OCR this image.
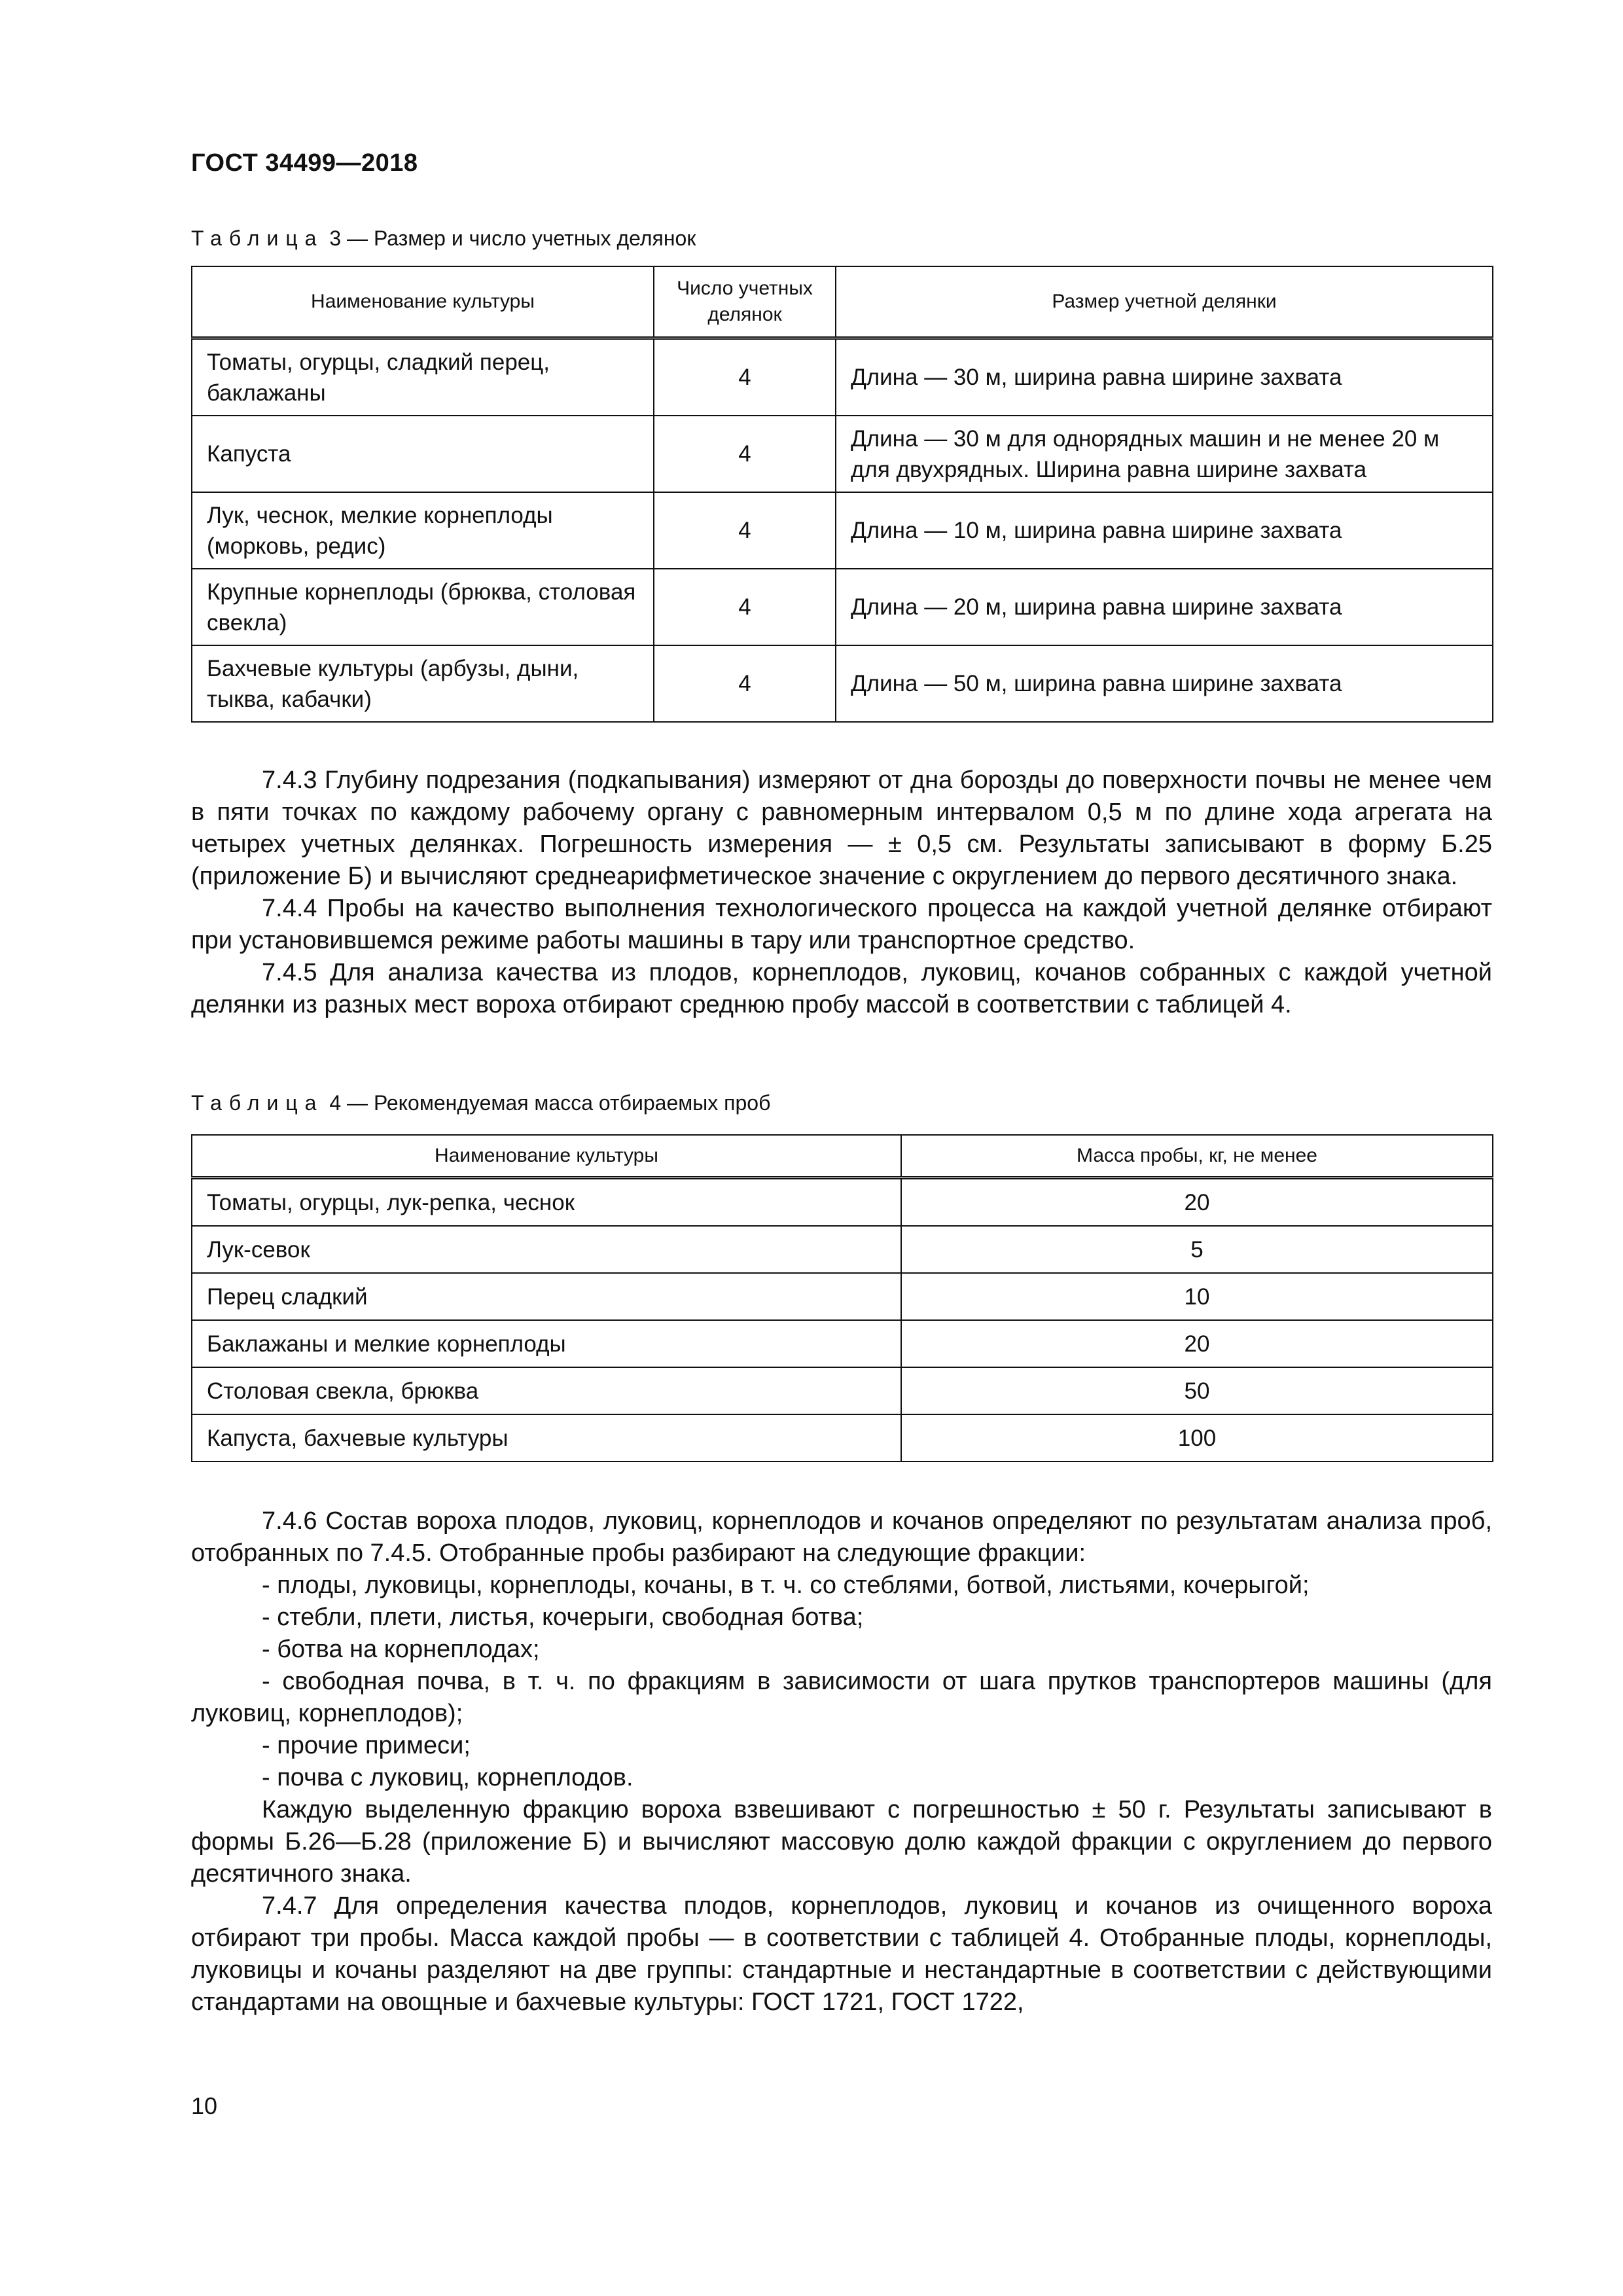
ГОСТ 34499—2018
Таблица 3 — Размер и число учетных делянок
Наименование культуры	Число учетных делянок	Размер учетной делянки
Томаты, огурцы, сладкий перец, баклажаны	4	Длина — 30 м, ширина равна ширине захвата
Капуста	4	Длина — 30 м для однорядных машин и не менее 20 м для двухрядных. Ширина равна ширине захвата
Лук, чеснок, мелкие корнеплоды (морковь, редис)	4	Длина — 10 м, ширина равна ширине захвата
Крупные корнеплоды (брюква, столовая свекла)	4	Длина — 20 м, ширина равна ширине захвата
Бахчевые культуры (арбузы, дыни, тыква, кабачки)	4	Длина — 50 м, ширина равна ширине захвата

7.4.3 Глубину подрезания (подкапывания) измеряют от дна борозды до поверхности почвы не менее чем в пяти точках по каждому рабочему органу с равномерным интервалом 0,5 м по длине хода агрегата на четырех учетных делянках. Погрешность измерения — ± 0,5 см. Результаты записывают в форму Б.25 (приложение Б) и вычисляют среднеарифметическое значение с округлением до первого десятичного знака.

7.4.4 Пробы на качество выполнения технологического процесса на каждой учетной делянке отбирают при установившемся режиме работы машины в тару или транспортное средство.

7.4.5 Для анализа качества из плодов, корнеплодов, луковиц, кочанов собранных с каждой учетной делянки из разных мест вороха отбирают среднюю пробу массой в соответствии с таблицей 4.

Таблица 4 — Рекомендуемая масса отбираемых проб
Наименование культуры	Масса пробы, кг, не менее
Томаты, огурцы, лук-репка, чеснок	20
Лук-севок	5
Перец сладкий	10
Баклажаны и мелкие корнеплоды	20
Столовая свекла, брюква	50
Капуста, бахчевые культуры	100

7.4.6 Состав вороха плодов, луковиц, корнеплодов и кочанов определяют по результатам анализа проб, отобранных по 7.4.5. Отобранные пробы разбирают на следующие фракции:

- плоды, луковицы, корнеплоды, кочаны, в т. ч. со стеблями, ботвой, листьями, кочерыгой;
- стебли, плети, листья, кочерыги, свободная ботва;
- ботва на корнеплодах;
- свободная почва, в т. ч. по фракциям в зависимости от шага прутков транспортеров машины (для луковиц, корнеплодов);
- прочие примеси;
- почва с луковиц, корнеплодов.

Каждую выделенную фракцию вороха взвешивают с погрешностью ± 50 г. Результаты записывают в формы Б.26—Б.28 (приложение Б) и вычисляют массовую долю каждой фракции с округлением до первого десятичного знака.

7.4.7 Для определения качества плодов, корнеплодов, луковиц и кочанов из очищенного вороха отбирают три пробы. Масса каждой пробы — в соответствии с таблицей 4. Отобранные плоды, корнеплоды, луковицы и кочаны разделяют на две группы: стандартные и нестандартные в соответствии с действующими стандартами на овощные и бахчевые культуры: ГОСТ 1721, ГОСТ 1722,

10
